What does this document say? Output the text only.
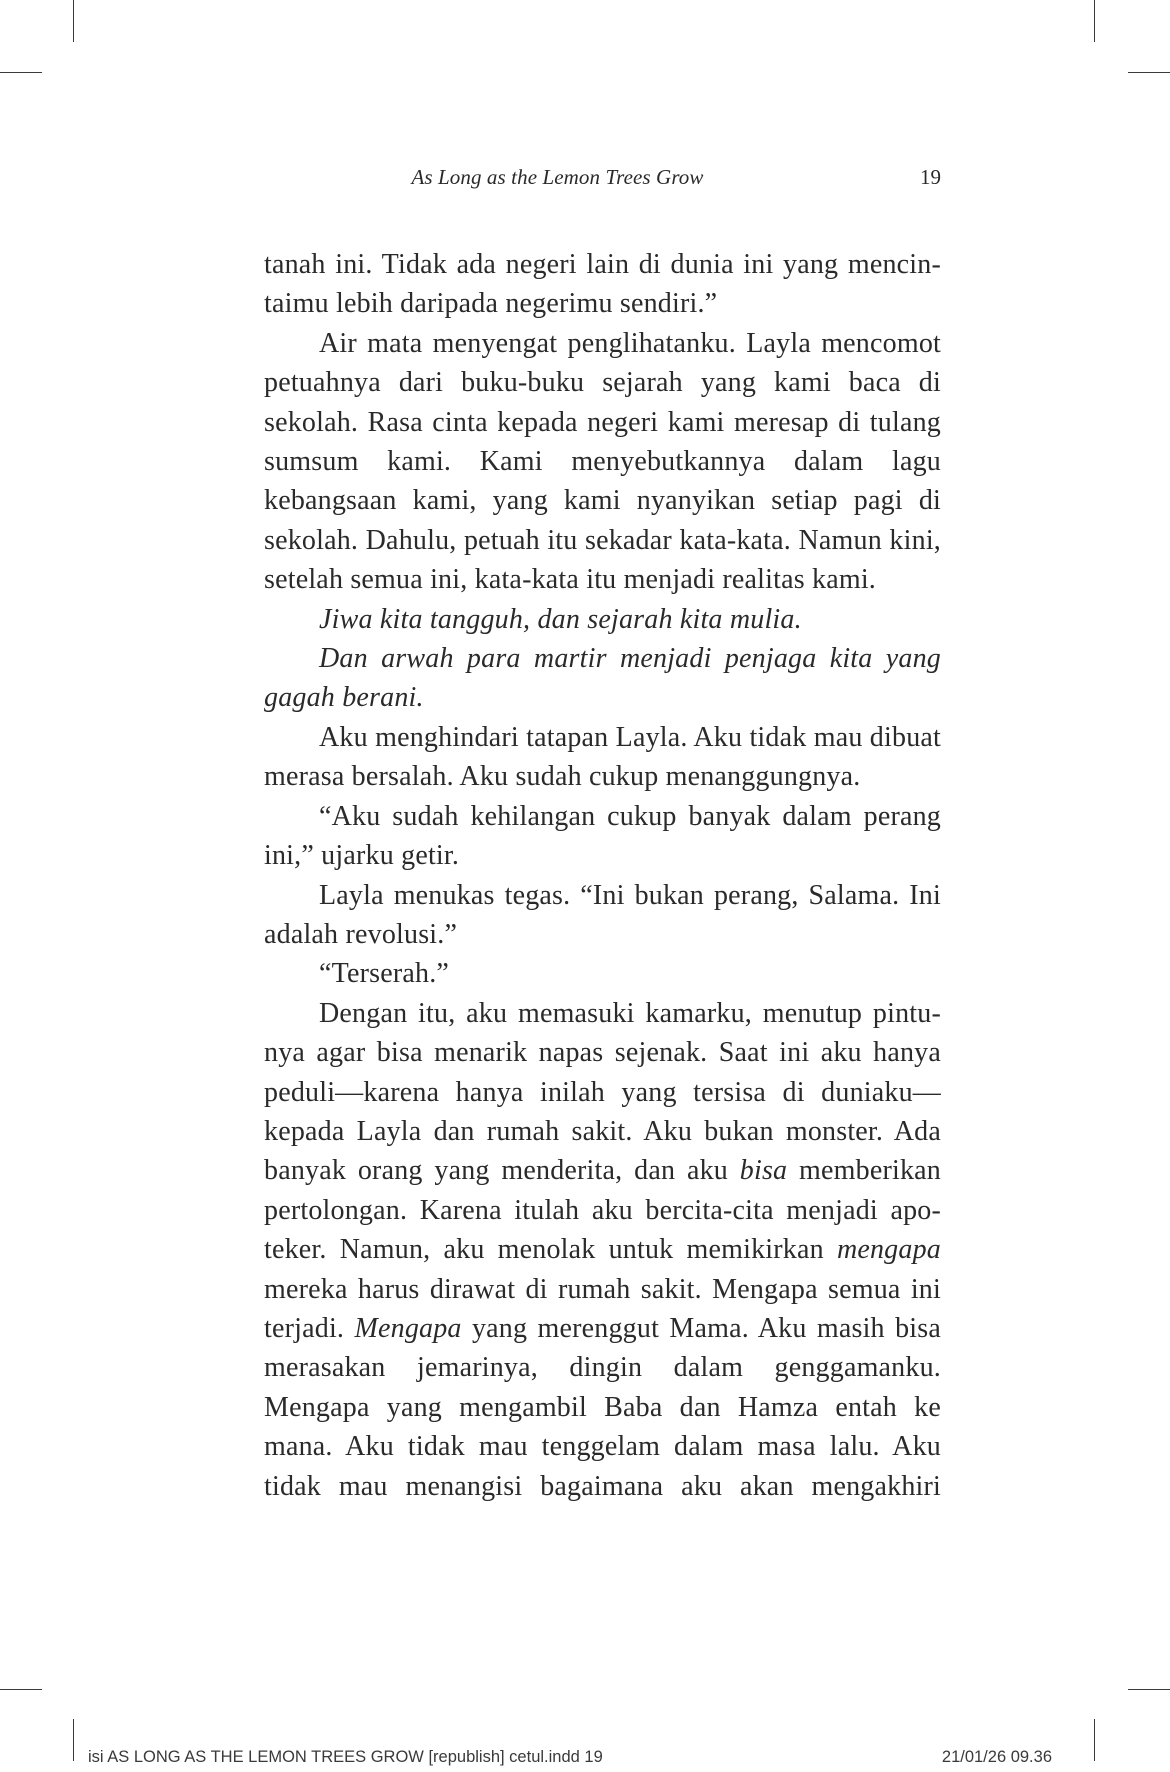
As Long as the Lemon Trees Grow	19

tanah ini. Tidak ada negeri lain di dunia ini yang mencin-taimu lebih daripada negerimu sendiri.”

Air mata menyengat penglihatanku. Layla mencomot petuahnya dari buku-buku sejarah yang kami baca di sekolah. Rasa cinta kepada negeri kami meresap di tulang sumsum kami. Kami menyebutkannya dalam lagu kebangsaan kami, yang kami nyanyikan setiap pagi di sekolah. Dahulu, petuah itu sekadar kata-kata. Namun kini, setelah semua ini, kata-kata itu menjadi realitas kami.

Jiwa kita tangguh, dan sejarah kita mulia.

Dan arwah para martir menjadi penjaga kita yang gagah berani.

Aku menghindari tatapan Layla. Aku tidak mau dibuat merasa bersalah. Aku sudah cukup menanggungnya.

“Aku sudah kehilangan cukup banyak dalam perang ini,” ujarku getir.

Layla menukas tegas. “Ini bukan perang, Salama. Ini adalah revolusi.”

“Terserah.”

Dengan itu, aku memasuki kamarku, menutup pintu-nya agar bisa menarik napas sejenak. Saat ini aku hanya peduli—karena hanya inilah yang tersisa di duniaku—kepada Layla dan rumah sakit. Aku bukan monster. Ada banyak orang yang menderita, dan aku bisa memberikan pertolongan. Karena itulah aku bercita-cita menjadi apo-teker. Namun, aku menolak untuk memikirkan mengapa mereka harus dirawat di rumah sakit. Mengapa semua ini terjadi. Mengapa yang merenggut Mama. Aku masih bisa merasakan jemarinya, dingin dalam genggamanku. Mengapa yang mengambil Baba dan Hamza entah ke mana. Aku tidak mau tenggelam dalam masa lalu. Aku tidak mau menangisi bagaimana aku akan mengakhiri

isi AS LONG AS THE LEMON TREES GROW [republish] cetul.indd 19	21/01/26 09.36
